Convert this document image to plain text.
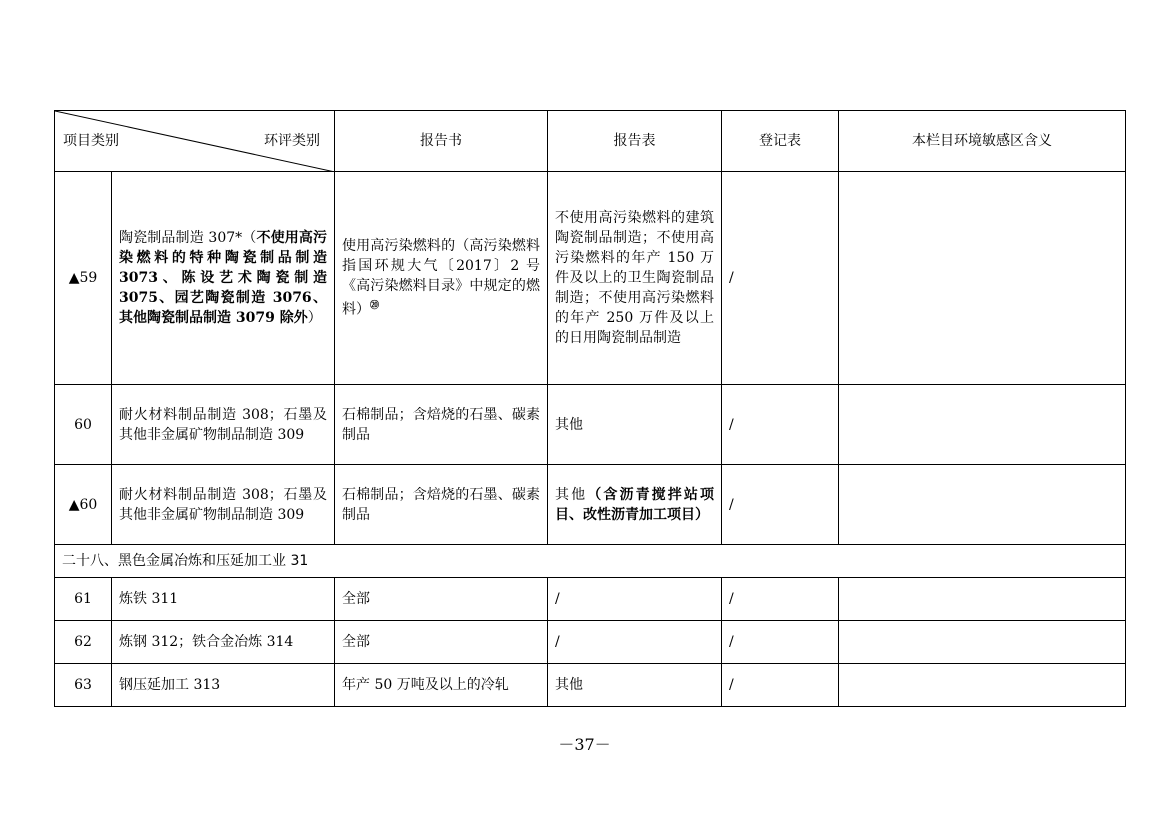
项目类别 环评类别		报告书	报告表	登记表	本栏目环境敏感区含义
▲59	陶瓷制品制造 307*（不使用高污染燃料的特种陶瓷制品制造 3073、陈设艺术陶瓷制造 3075、园艺陶瓷制造 3076、其他陶瓷制品制造 3079 除外）	使用高污染燃料的（高污染燃料指国环规大气〔2017〕2 号《高污染燃料目录》中规定的燃料）⑳	不使用高污染燃料的建筑陶瓷制品制造；不使用高污染燃料的年产 150 万件及以上的卫生陶瓷制品制造；不使用高污染燃料的年产 250 万件及以上的日用陶瓷制品制造	/	
60	耐火材料制品制造 308；石墨及其他非金属矿物制品制造 309	石棉制品；含焙烧的石墨、碳素制品	其他	/	
▲60	耐火材料制品制造 308；石墨及其他非金属矿物制品制造 309	石棉制品；含焙烧的石墨、碳素制品	其他（含沥青搅拌站项目、改性沥青加工项目）	/	
二十八、黑色金属冶炼和压延加工业 31					
61	炼铁 311	全部	/	/	
62	炼钢 312；铁合金冶炼 314	全部	/	/	
63	钢压延加工 313	年产 50 万吨及以上的冷轧	其他	/	
－37－
